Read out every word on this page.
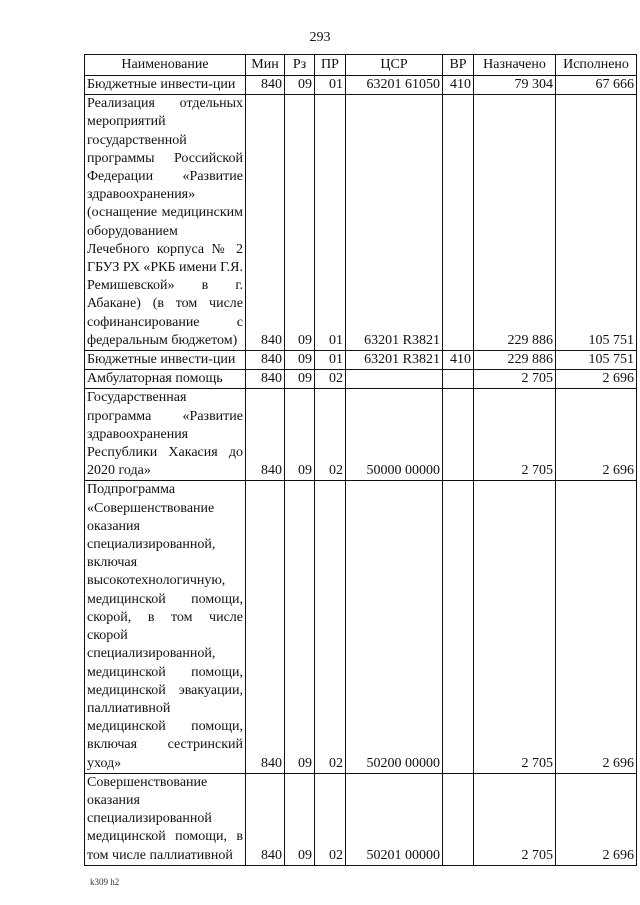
293
Наименование	Мин	Рз	ПР	ЦСР	ВР	Назначено	Исполнено
Бюджетные инвести-ции	840	09	01	63201 61050	410	79 304	67 666
Реализация отдельных мероприятий государственной программы Российской Федерации «Развитие здравоохранения» (оснащение медицинским оборудованием Лечебного корпуса № 2 ГБУЗ РХ «РКБ имени Г.Я. Ремишевской» в г. Абакане) (в том числе софинансирование с федеральным бюджетом)	840	09	01	63201 R3821		229 886	105 751
Бюджетные инвести-ции	840	09	01	63201 R3821	410	229 886	105 751
Амбулаторная помощь	840	09	02			2 705	2 696
Государственная программа «Развитие здравоохранения Республики Хакасия до 2020 года»	840	09	02	50000 00000		2 705	2 696
Подпрограмма «Совершенствование оказания специализированной, включая высокотехнологичную, медицинской помощи, скорой, в том числе скорой специализированной, медицинской помощи, медицинской эвакуации, паллиативной медицинской помощи, включая сестринский уход»	840	09	02	50200 00000		2 705	2 696
Совершенствование оказания специализированной медицинской помощи, в том числе паллиативной	840	09	02	50201 00000		2 705	2 696
k309 h2
